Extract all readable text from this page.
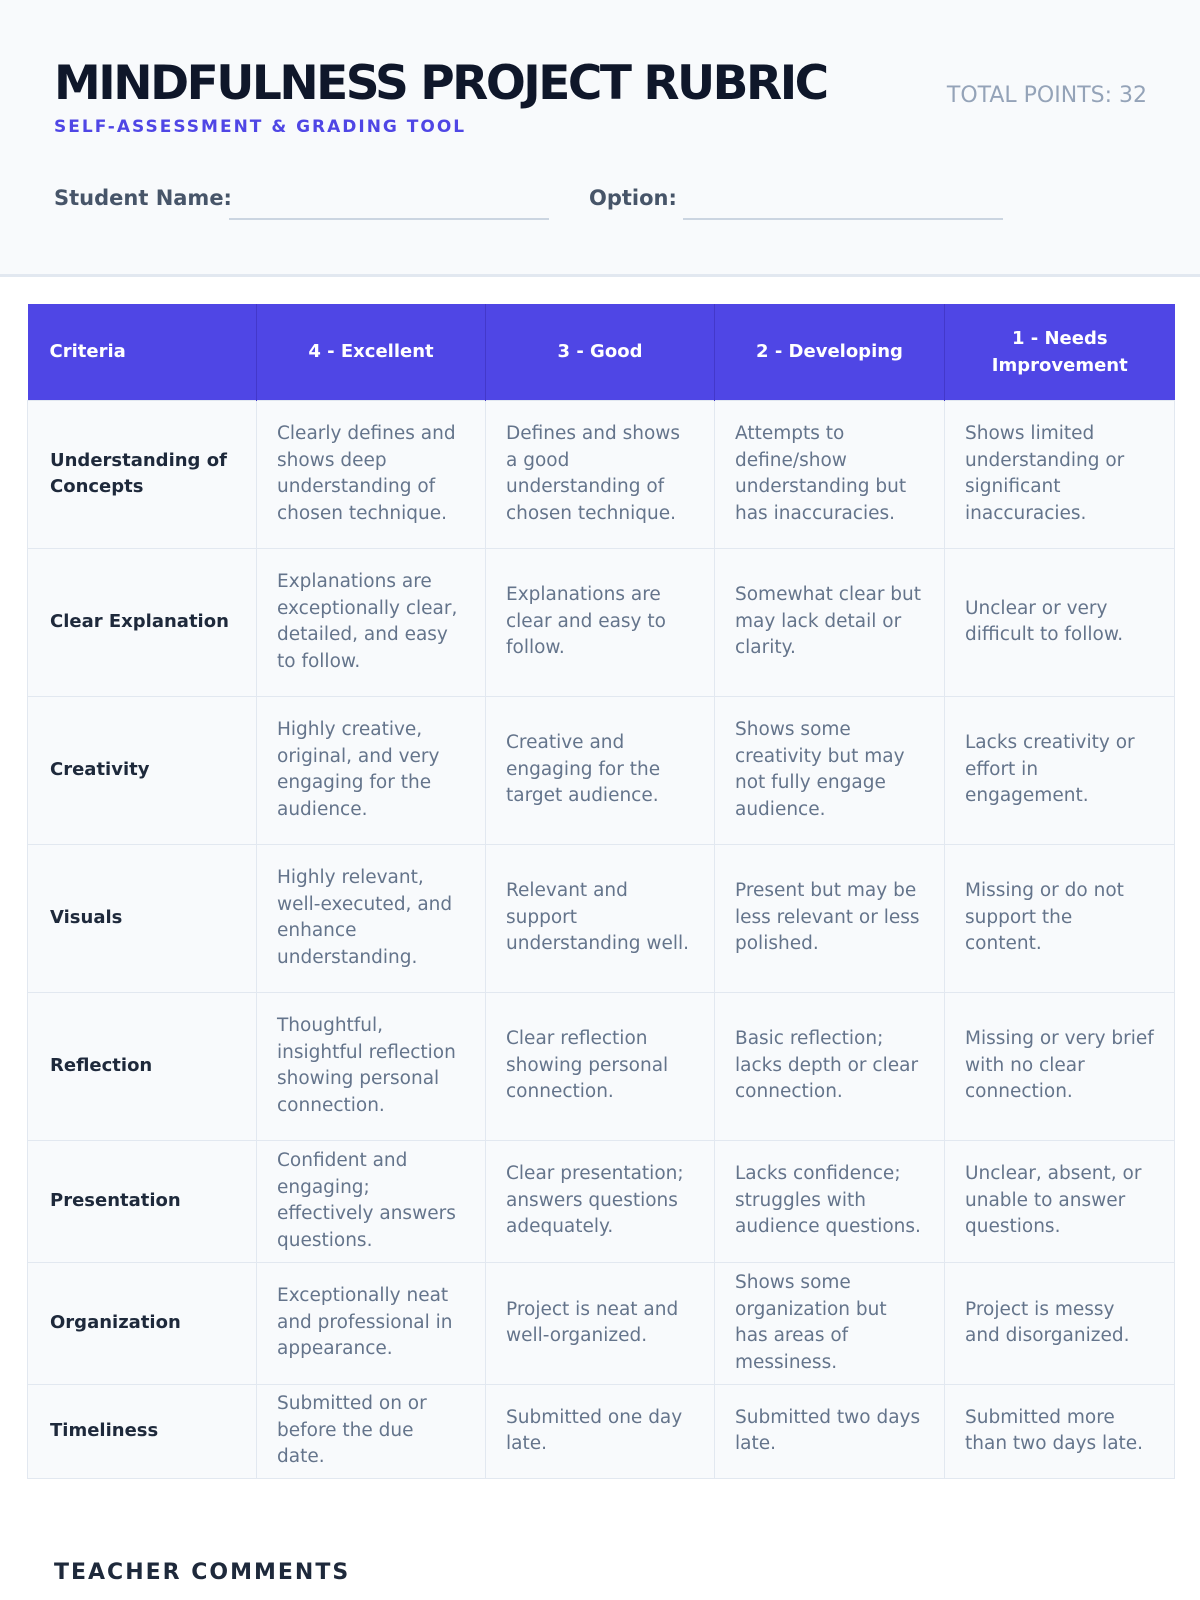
MINDFULNESS PROJECT RUBRIC
SELF-ASSESSMENT & GRADING TOOL
TOTAL POINTS: 32
Student Name:	Option:
Criteria	4 - Excellent	3 - Good	2 - Developing	1 - Needs Improvement
Understanding of Concepts	Clearly defines and shows deep understanding of chosen technique.	Defines and shows a good understanding of chosen technique.	Attempts to define/show understanding but has inaccuracies.	Shows limited understanding or significant inaccuracies.
Clear Explanation	Explanations are exceptionally clear, detailed, and easy to follow.	Explanations are clear and easy to follow.	Somewhat clear but may lack detail or clarity.	Unclear or very difficult to follow.
Creativity	Highly creative, original, and very engaging for the audience.	Creative and engaging for the target audience.	Shows some creativity but may not fully engage audience.	Lacks creativity or effort in engagement.
Visuals	Highly relevant, well-executed, and enhance understanding.	Relevant and support understanding well.	Present but may be less relevant or less polished.	Missing or do not support the content.
Reflection	Thoughtful, insightful reflection showing personal connection.	Clear reflection showing personal connection.	Basic reflection; lacks depth or clear connection.	Missing or very brief with no clear connection.
Presentation	Confident and engaging; effectively answers questions.	Clear presentation; answers questions adequately.	Lacks confidence; struggles with audience questions.	Unclear, absent, or unable to answer questions.
Organization	Exceptionally neat and professional in appearance.	Project is neat and well-organized.	Shows some organization but has areas of messiness.	Project is messy and disorganized.
Timeliness	Submitted on or before the due date.	Submitted one day late.	Submitted two days late.	Submitted more than two days late.
TEACHER COMMENTS
